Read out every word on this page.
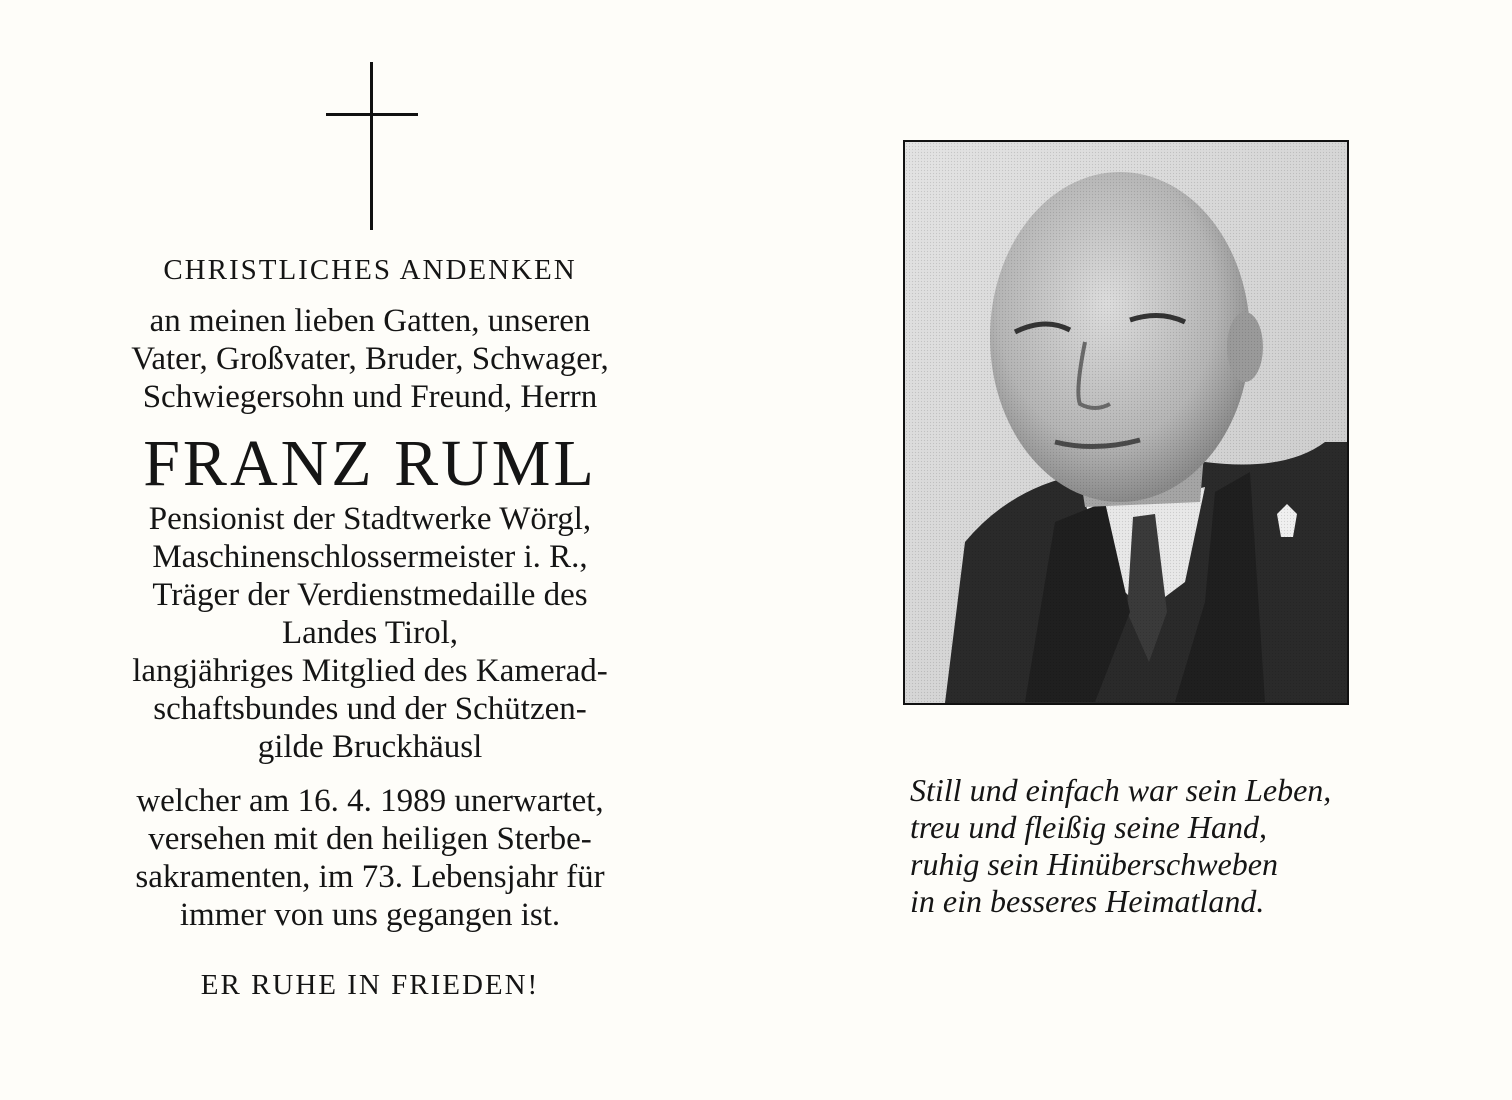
CHRISTLICHES ANDENKEN
an meinen lieben Gatten, unseren
Vater, Großvater, Bruder, Schwager,
Schwiegersohn und Freund, Herrn
FRANZ RUML
Pensionist der Stadtwerke Wörgl,
Maschinenschlossermeister i. R.,
Träger der Verdienstmedaille des
Landes Tirol,
langjähriges Mitglied des Kamerad-
schaftsbundes und der Schützen-
gilde Bruckhäusl
welcher am 16. 4. 1989 unerwartet,
versehen mit den heiligen Sterbe-
sakramenten, im 73. Lebensjahr für
immer von uns gegangen ist.
ER RUHE IN FRIEDEN!
Still und einfach war sein Leben,
treu und fleißig seine Hand,
ruhig sein Hinüberschweben
in ein besseres Heimatland.
